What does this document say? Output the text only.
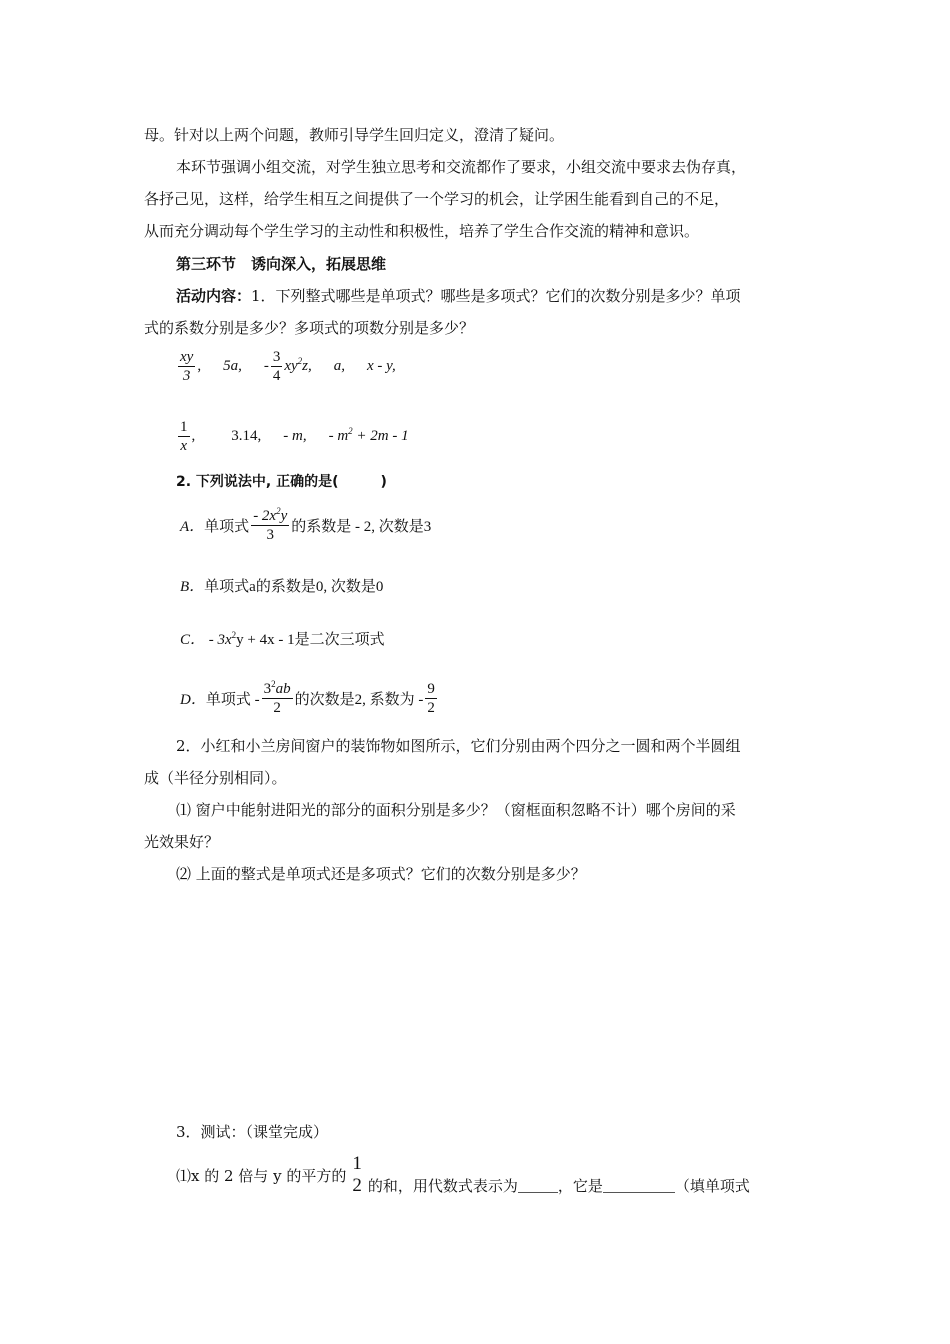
母。针对以上两个问题，教师引导学生回归定义，澄清了疑问。
本环节强调小组交流，对学生独立思考和交流都作了要求，小组交流中要求去伪存真，
各抒己见，这样，给学生相互之间提供了一个学习的机会，让学困生能看到自己的不足，
从而充分调动每个学生学习的主动性和积极性，培养了学生合作交流的精神和意识。
第三环节　诱向深入，拓展思维
活动内容：1．下列整式哪些是单项式？哪些是多项式？它们的次数分别是多少？单项
式的系数分别是多少？多项式的项数分别是多少？
$\frac{xy}{3}$ , 5a, - $\frac{3}{4} xy^2z$, a, x - y,
$\frac{1}{x}$ , 3.14, - m, - $m^2 + 2m - 1$
2. 下列说法中, 正确的是(　　　)
A． 单项式 $\frac{- 2x^2y}{3}$ 的系数是 - 2, 次数是3
B．单项式a的系数是0, 次数是0
C． - $3x^2y + 4x - 1$是二次三项式
D． 单项式 - $\frac{3^2ab}{2}$ 的次数是2, 系数为 - $\frac{9}{2}$
2．小红和小兰房间窗户的装饰物如图所示，它们分别由两个四分之一圆和两个半圆组
成（半径分别相同）。
⑴ 窗户中能射进阳光的部分的面积分别是多少？（窗框面积忽略不计）哪个房间的采
光效果好？
⑵ 上面的整式是单项式还是多项式？它们的次数分别是多少？
3．测试：（课堂完成）
⑴x 的 2 倍与 y 的平方的
1
2 的和，用代数式表示为	，它是	（填单项式
